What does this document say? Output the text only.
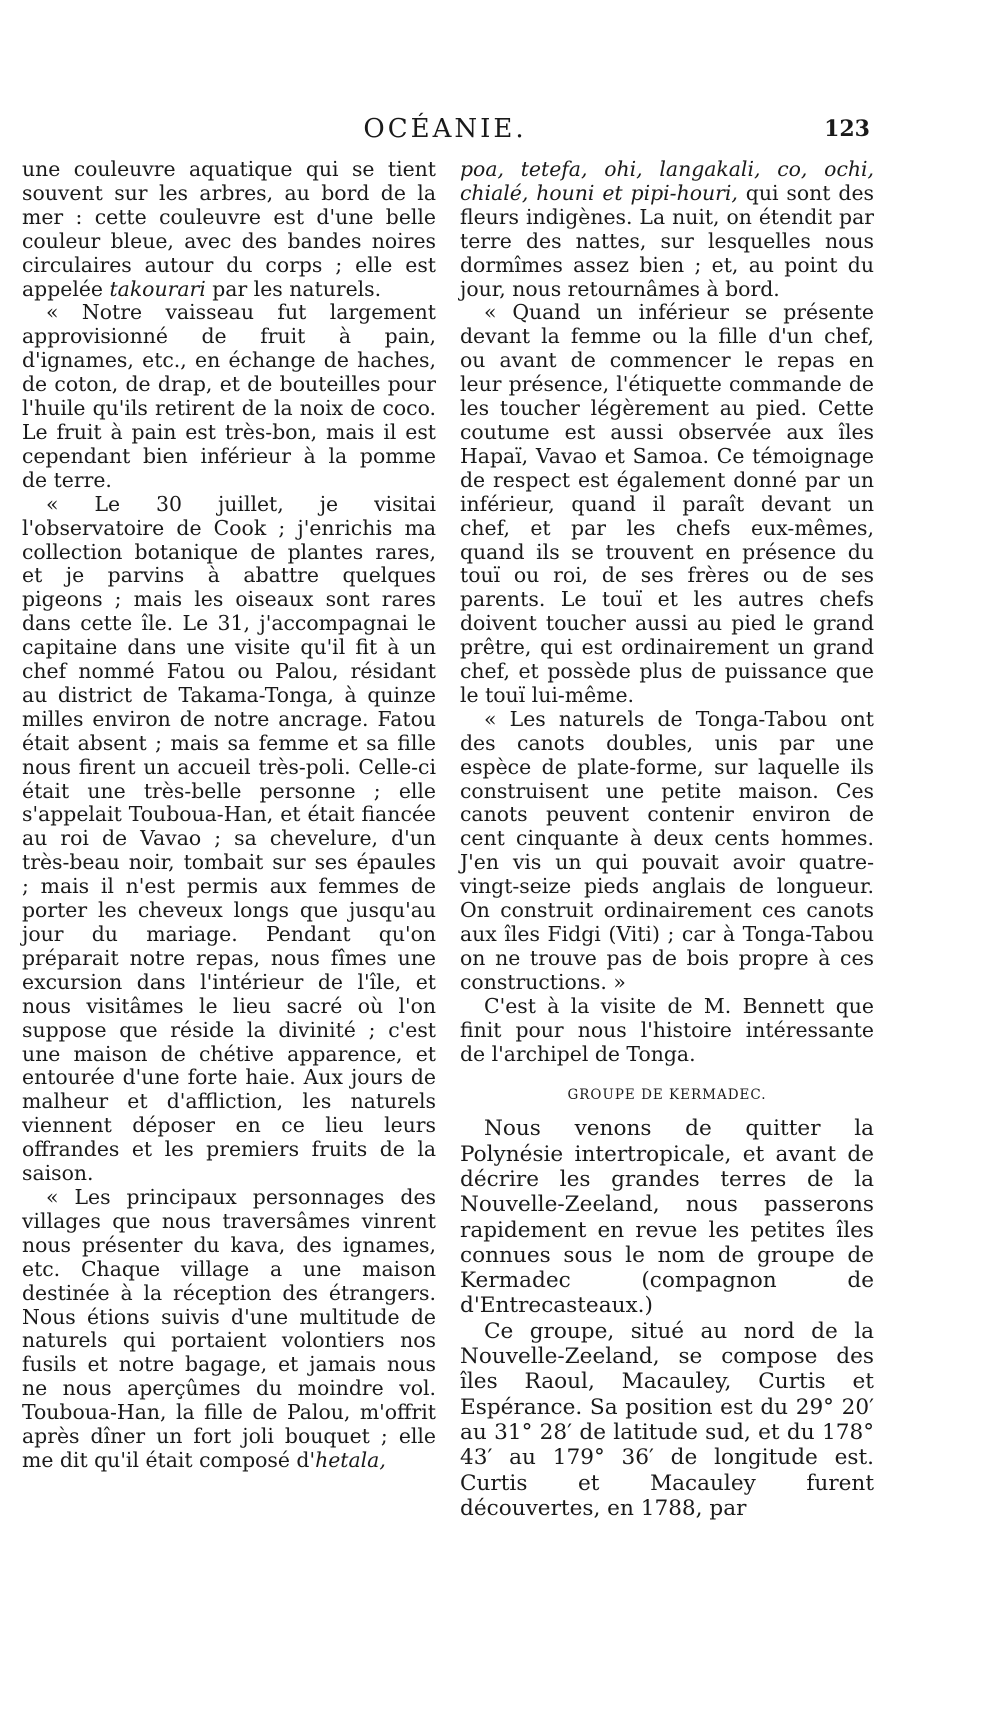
OCÉANIE.	123

une couleuvre aquatique qui se tient souvent sur les arbres, au bord de la mer : cette couleuvre est d'une belle couleur bleue, avec des bandes noires circulaires autour du corps ; elle est appelée takourari par les naturels.

« Notre vaisseau fut largement approvisionné de fruit à pain, d'ignames, etc., en échange de haches, de coton, de drap, et de bouteilles pour l'huile qu'ils retirent de la noix de coco. Le fruit à pain est très-bon, mais il est cependant bien inférieur à la pomme de terre.

« Le 30 juillet, je visitai l'observatoire de Cook ; j'enrichis ma collection botanique de plantes rares, et je parvins à abattre quelques pigeons ; mais les oiseaux sont rares dans cette île. Le 31, j'accompagnai le capitaine dans une visite qu'il fit à un chef nommé Fatou ou Palou, résidant au district de Takama-Tonga, à quinze milles environ de notre ancrage. Fatou était absent ; mais sa femme et sa fille nous firent un accueil très-poli. Celle-ci était une très-belle personne ; elle s'appelait Touboua-Han, et était fiancée au roi de Vavao ; sa chevelure, d'un très-beau noir, tombait sur ses épaules ; mais il n'est permis aux femmes de porter les cheveux longs que jusqu'au jour du mariage. Pendant qu'on préparait notre repas, nous fîmes une excursion dans l'intérieur de l'île, et nous visitâmes le lieu sacré où l'on suppose que réside la divinité ; c'est une maison de chétive apparence, et entourée d'une forte haie. Aux jours de malheur et d'affliction, les naturels viennent déposer en ce lieu leurs offrandes et les premiers fruits de la saison.

« Les principaux personnages des villages que nous traversâmes vinrent nous présenter du kava, des ignames, etc. Chaque village a une maison destinée à la réception des étrangers. Nous étions suivis d'une multitude de naturels qui portaient volontiers nos fusils et notre bagage, et jamais nous ne nous aperçûmes du moindre vol. Touboua-Han, la fille de Palou, m'offrit après dîner un fort joli bouquet ; elle me dit qu'il était composé d'hetala,

poa, tetefa, ohi, langakali, co, ochi, chialé, houni et pipi-houri, qui sont des fleurs indigènes. La nuit, on étendit par terre des nattes, sur lesquelles nous dormîmes assez bien ; et, au point du jour, nous retournâmes à bord.

« Quand un inférieur se présente devant la femme ou la fille d'un chef, ou avant de commencer le repas en leur présence, l'étiquette commande de les toucher légèrement au pied. Cette coutume est aussi observée aux îles Hapaï, Vavao et Samoa. Ce témoignage de respect est également donné par un inférieur, quand il paraît devant un chef, et par les chefs eux-mêmes, quand ils se trouvent en présence du touï ou roi, de ses frères ou de ses parents. Le touï et les autres chefs doivent toucher aussi au pied le grand prêtre, qui est ordinairement un grand chef, et possède plus de puissance que le touï lui-même.

« Les naturels de Tonga-Tabou ont des canots doubles, unis par une espèce de plate-forme, sur laquelle ils construisent une petite maison. Ces canots peuvent contenir environ de cent cinquante à deux cents hommes. J'en vis un qui pouvait avoir quatre-vingt-seize pieds anglais de longueur. On construit ordinairement ces canots aux îles Fidgi (Viti) ; car à Tonga-Tabou on ne trouve pas de bois propre à ces constructions. »

C'est à la visite de M. Bennett que finit pour nous l'histoire intéressante de l'archipel de Tonga.

GROUPE DE KERMADEC.

Nous venons de quitter la Polynésie intertropicale, et avant de décrire les grandes terres de la Nouvelle-Zeeland, nous passerons rapidement en revue les petites îles connues sous le nom de groupe de Kermadec (compagnon de d'Entrecasteaux.)

Ce groupe, situé au nord de la Nouvelle-Zeeland, se compose des îles Raoul, Macauley, Curtis et Espérance. Sa position est du 29° 20′ au 31° 28′ de latitude sud, et du 178° 43′ au 179° 36′ de longitude est. Curtis et Macauley furent découvertes, en 1788, par
